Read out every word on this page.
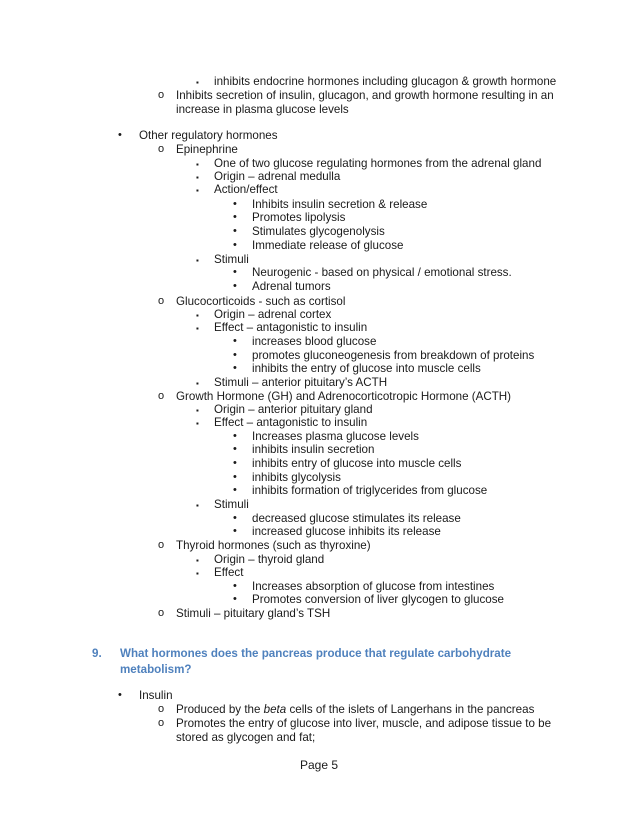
▪ inhibits endocrine hormones including glucagon & growth hormone
o Inhibits secretion of insulin, glucagon, and growth hormone resulting in an
increase in plasma glucose levels
• Other regulatory hormones
o Epinephrine
▪ One of two glucose regulating hormones from the adrenal gland
▪ Origin – adrenal medulla
▪ Action/effect
• Inhibits insulin secretion & release
• Promotes lipolysis
• Stimulates glycogenolysis
• Immediate release of glucose
▪ Stimuli
• Neurogenic - based on physical / emotional stress.
• Adrenal tumors
o Glucocorticoids - such as cortisol
▪ Origin – adrenal cortex
▪ Effect – antagonistic to insulin
• increases blood glucose
• promotes gluconeogenesis from breakdown of proteins
• inhibits the entry of glucose into muscle cells
▪ Stimuli – anterior pituitary’s ACTH
o Growth Hormone (GH) and Adrenocorticotropic Hormone (ACTH)
▪ Origin – anterior pituitary gland
▪ Effect – antagonistic to insulin
• Increases plasma glucose levels
• inhibits insulin secretion
• inhibits entry of glucose into muscle cells
• inhibits glycolysis
• inhibits formation of triglycerides from glucose
▪ Stimuli
• decreased glucose stimulates its release
• increased glucose inhibits its release
o Thyroid hormones (such as thyroxine)
▪ Origin – thyroid gland
▪ Effect
• Increases absorption of glucose from intestines
• Promotes conversion of liver glycogen to glucose
o Stimuli – pituitary gland’s TSH
9. What hormones does the pancreas produce that regulate carbohydrate metabolism?
• Insulin
o Produced by the beta cells of the islets of Langerhans in the pancreas
o Promotes the entry of glucose into liver, muscle, and adipose tissue to be
stored as glycogen and fat;
Page 5
